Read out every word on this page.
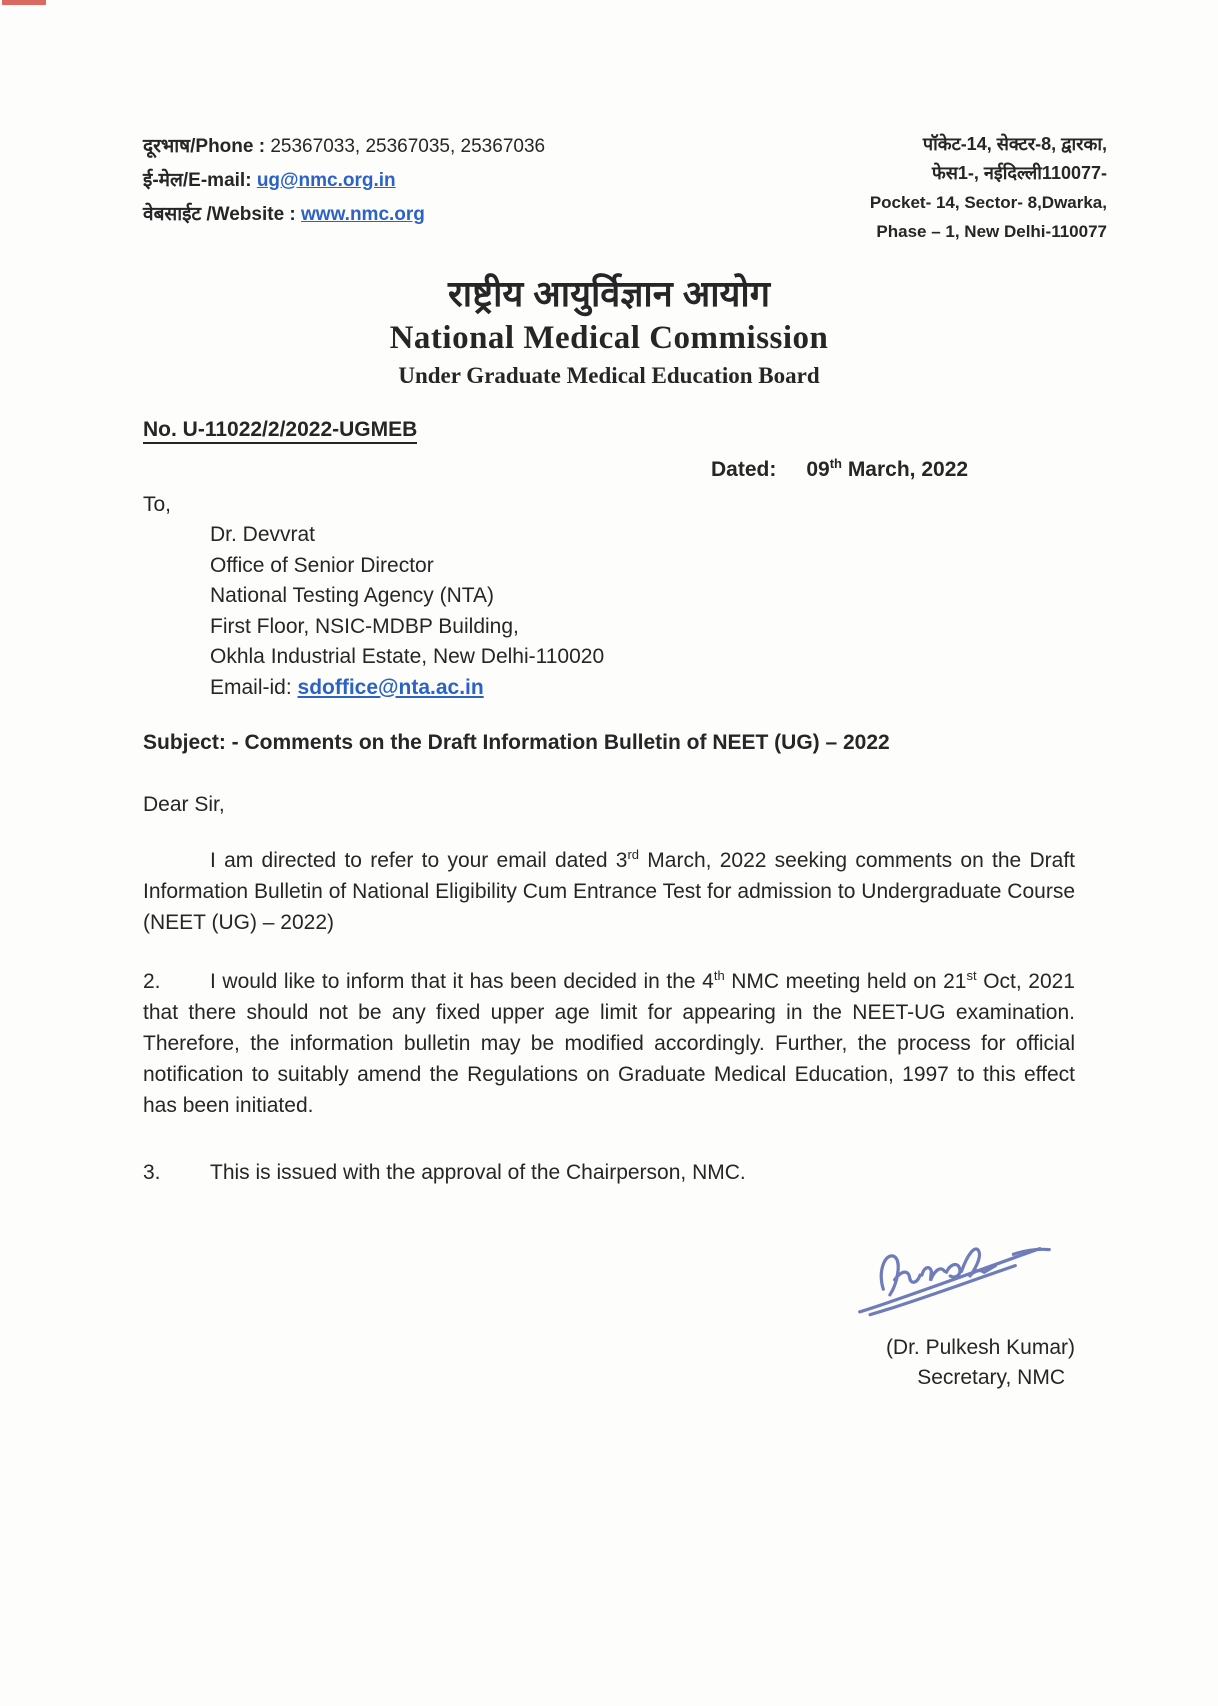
दूरभाष/Phone : 25367033, 25367035, 25367036
ई-मेल/E-mail: ug@nmc.org.in
वेबसाईट /Website : www.nmc.org
पॉकेट-14, सेक्टर-8, द्वारका,
फेस1-, नईदिल्ली110077-
Pocket- 14, Sector- 8,Dwarka,
Phase – 1, New Delhi-110077
राष्ट्रीय आयुर्विज्ञान आयोग
National Medical Commission
Under Graduate Medical Education Board
No. U-11022/2/2022-UGMEB
Dated: 09th March, 2022
To,
Dr. Devvrat
Office of Senior Director
National Testing Agency (NTA)
First Floor, NSIC-MDBP Building,
Okhla Industrial Estate, New Delhi-110020
Email-id: sdoffice@nta.ac.in
Subject: - Comments on the Draft Information Bulletin of NEET (UG) – 2022
Dear Sir,

I am directed to refer to your email dated 3rd March, 2022 seeking comments on the Draft Information Bulletin of National Eligibility Cum Entrance Test for admission to Undergraduate Course (NEET (UG) – 2022)

2. I would like to inform that it has been decided in the 4th NMC meeting held on 21st Oct, 2021 that there should not be any fixed upper age limit for appearing in the NEET-UG examination. Therefore, the information bulletin may be modified accordingly. Further, the process for official notification to suitably amend the Regulations on Graduate Medical Education, 1997 to this effect has been initiated.

3. This is issued with the approval of the Chairperson, NMC.

(Dr. Pulkesh Kumar)
Secretary, NMC
